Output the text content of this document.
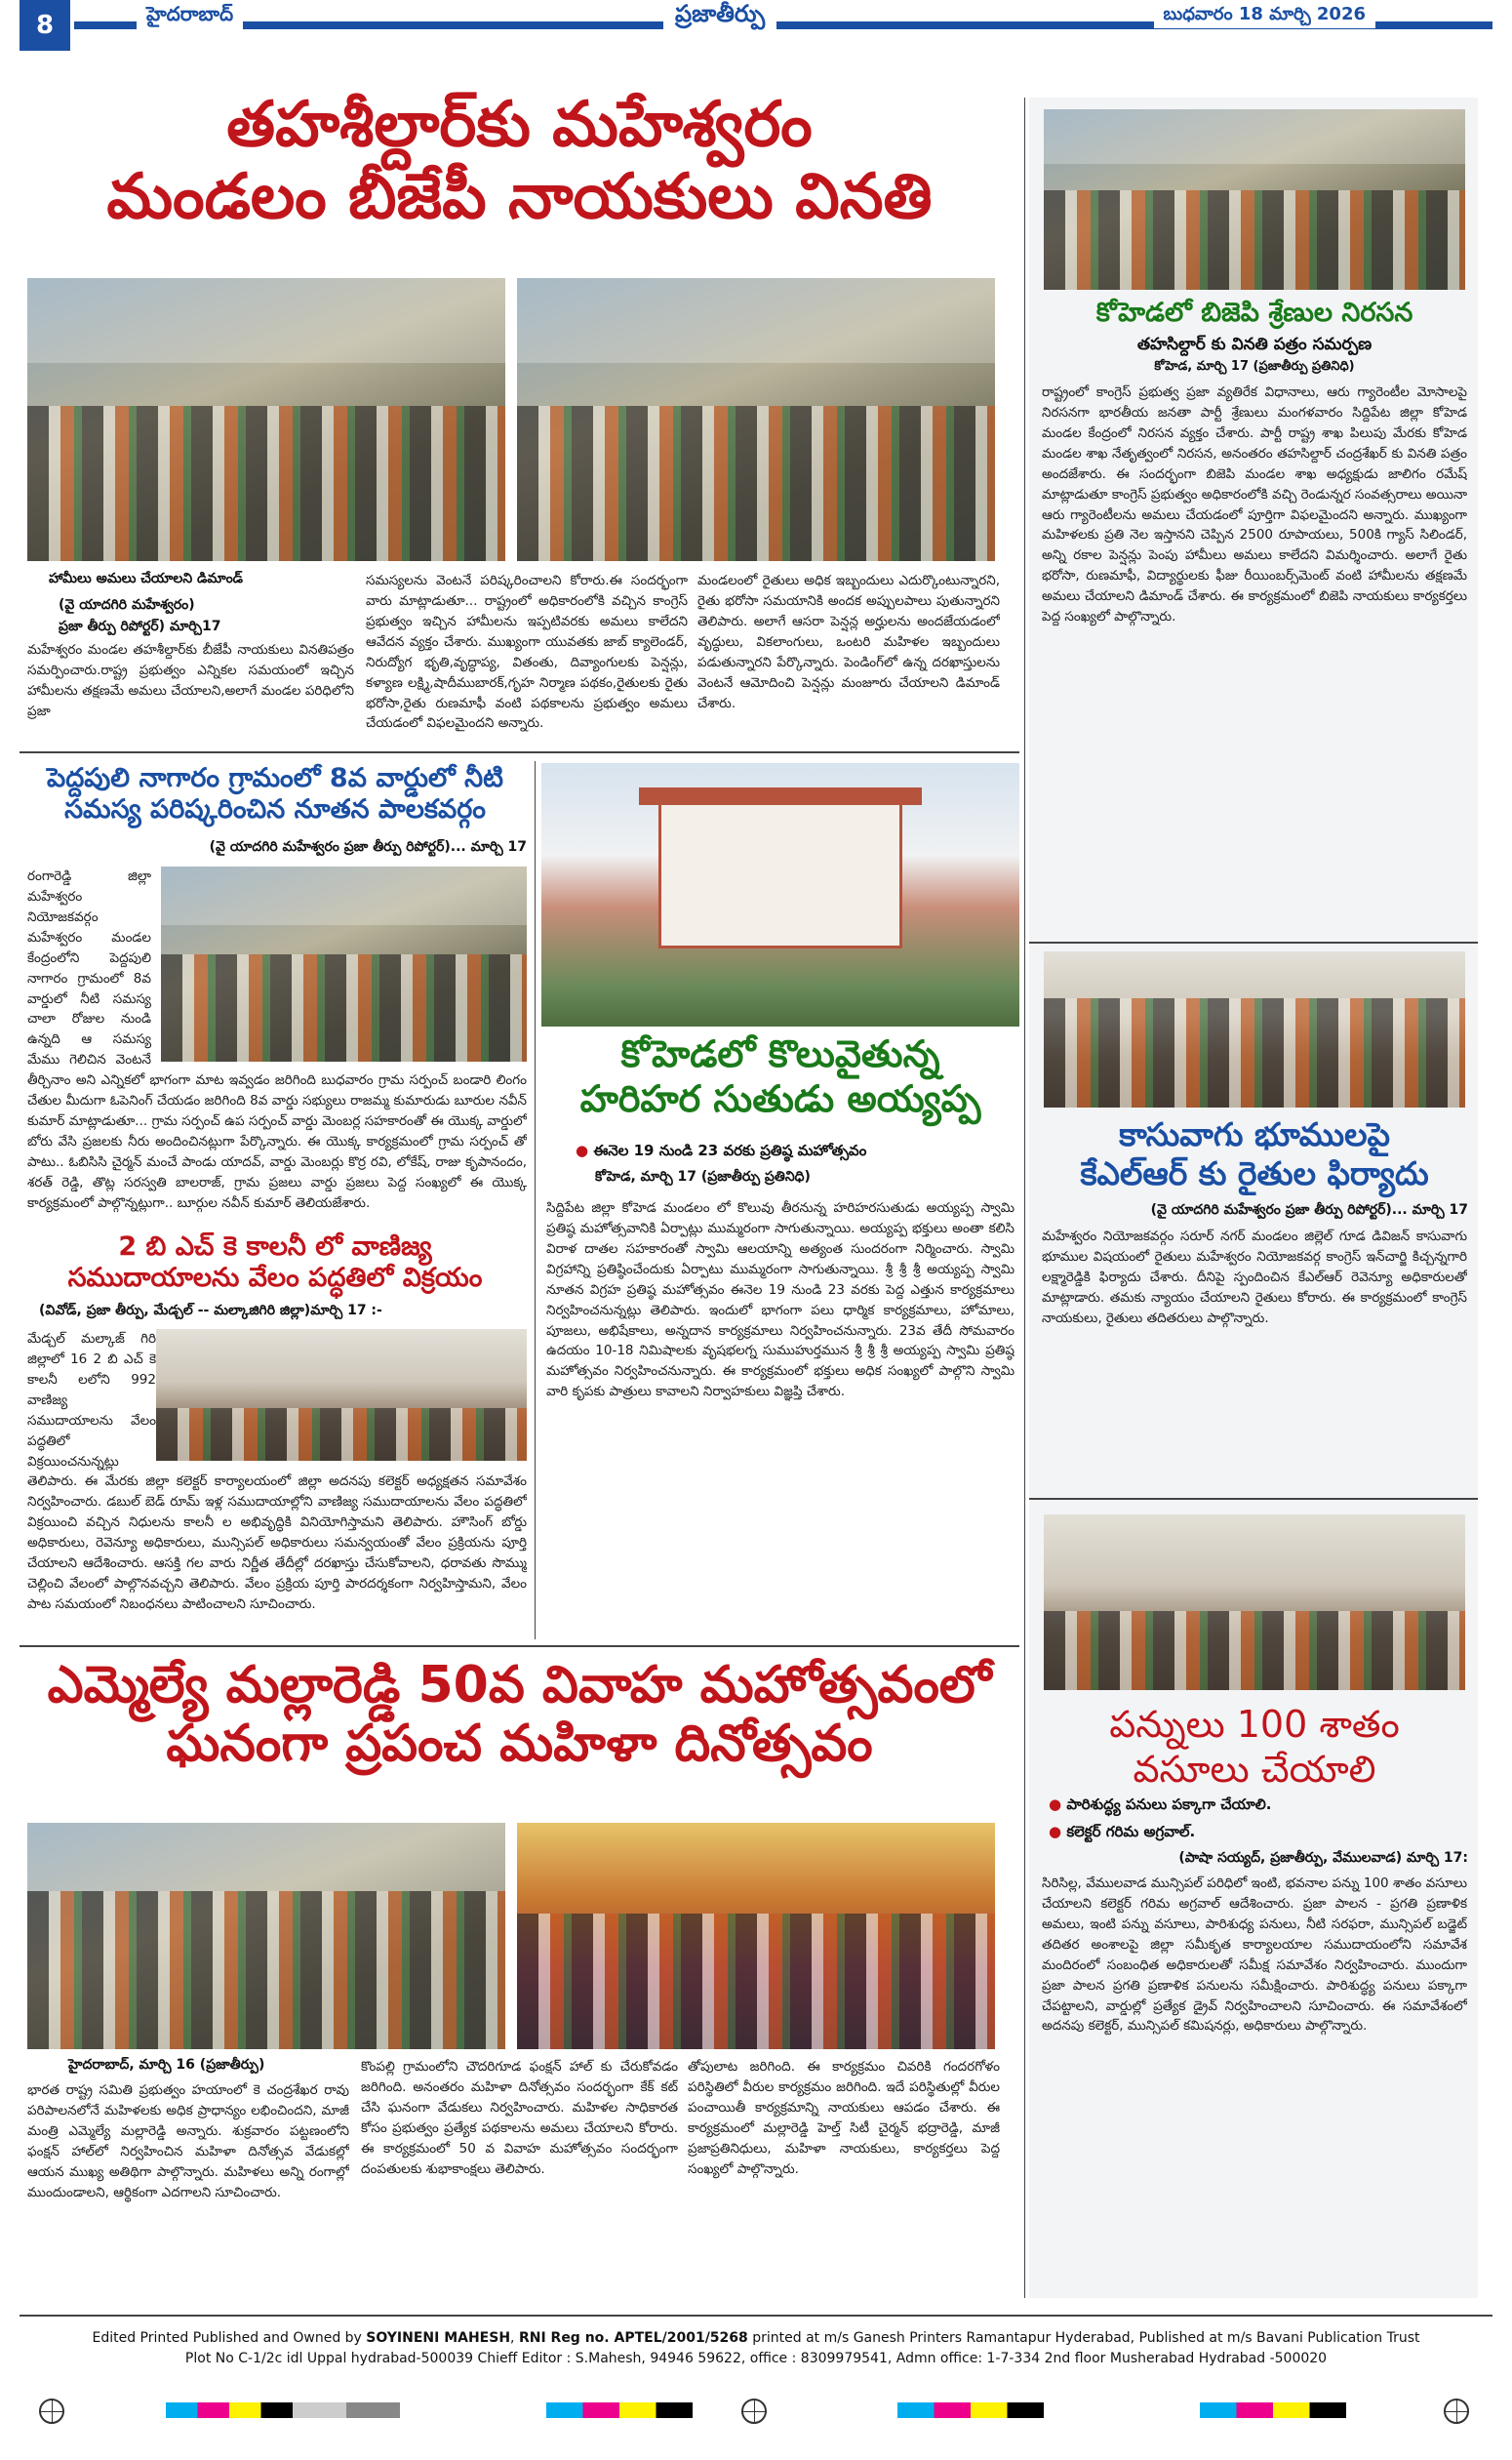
8	హైదరాబాద్	ప్రజాతీర్పు	బుధవారం 18 మార్చి 2026
తహశీల్దార్‌కు మహేశ్వరం
మండలం బీజేపీ నాయకులు వినతి
హామీలు అమలు చేయాలని డిమాండ్
(వై యాదగిరి మహేశ్వరం)
ప్రజా తీర్పు రిపోర్టర్) మార్చి17
మహేశ్వరం మండల తహశీల్దార్‌కు బీజేపీ నాయకులు వినతిపత్రం సమర్పించారు.రాష్ట్ర ప్రభుత్వం ఎన్నికల సమయంలో ఇచ్చిన హామీలను తక్షణమే అమలు చేయాలని,అలాగే మండల పరిధిలోని ప్రజా
సమస్యలను వెంటనే పరిష్కరించాలని కోరారు.ఈ సందర్భంగా వారు మాట్లాడుతూ... రాష్ట్రంలో అధికారంలోకి వచ్చిన కాంగ్రెస్ ప్రభుత్వం ఇచ్చిన హామీలను ఇప్పటివరకు అమలు కాలేదని ఆవేదన వ్యక్తం చేశారు. ముఖ్యంగా యువతకు జాబ్ క్యాలెండర్, నిరుద్యోగ భృతి,వృద్ధాప్య, వితంతు, దివ్యాంగులకు పెన్షన్లు, కళ్యాణ లక్ష్మి,షాదీముబారక్,గృహ నిర్మాణ పథకం,రైతులకు రైతు భరోసా,రైతు రుణమాఫీ వంటి పథకాలను ప్రభుత్వం అమలు చేయడంలో విఫలమైందని అన్నారు.
మండలంలో రైతులు అధిక ఇబ్బందులు ఎదుర్కొంటున్నారని, రైతు భరోసా సమయానికి అందక అప్పులపాలు పుతున్నారని తెలిపారు. అలాగే ఆసరా పెన్షన్ల అర్హులను అందజేయడంలో వృద్ధులు, వికలాంగులు, ఒంటరి మహిళల ఇబ్బందులు పడుతున్నారని పేర్కొన్నారు. పెండింగ్‌లో ఉన్న దరఖాస్తులను వెంటనే ఆమోదించి పెన్షన్లు మంజూరు చేయాలని డిమాండ్ చేశారు.
పెద్దపులి నాగారం గ్రామంలో 8వ వార్డులో నీటి
సమస్య పరిష్కరించిన నూతన పాలకవర్గం
(వై యాదగిరి మహేశ్వరం ప్రజా తీర్పు రిపోర్టర్)... మార్చి 17
రంగారెడ్డి జిల్లా మహేశ్వరం నియోజకవర్గం మహేశ్వరం మండల కేంద్రంలోని పెద్దపులి నాగారం గ్రామంలో 8వ వార్డులో నీటి సమస్య చాలా రోజుల నుండి ఉన్నది ఆ సమస్య మేము గెలిచిన వెంటనే తీర్చినాం అని ఎన్నికలో భాగంగా మాట ఇవ్వడం జరిగింది బుధవారం గ్రామ సర్పంచ్ బండారి లింగం చేతుల మీదుగా ఓపెనింగ్ చేయడం జరిగింది 8వ వార్డు సభ్యులు రాజమ్మ కుమారుడు బూరుల నవీన్ కుమార్ మాట్లాడుతూ... గ్రామ సర్పంచ్ ఉప సర్పంచ్ వార్డు మెంబర్ల సహకారంతో ఈ యొక్క వార్డులో బోరు వేసి ప్రజలకు నీరు అందించినట్లుగా పేర్కొన్నారు. ఈ యొక్క కార్యక్రమంలో గ్రామ సర్పంచ్ తో పాటు.. ఓబిసిసి చైర్మన్ మంచే పాండు యాదవ్, వార్డు మెంబర్లు కొర్ర రవి, లోకేష్, రాజు కృపానందం, శరత్ రెడ్డి, తొట్ల సరస్వతి బాలరాజ్, గ్రామ ప్రజలు వార్డు ప్రజలు పెద్ద సంఖ్యలో ఈ యొక్క కార్యక్రమంలో పాల్గొన్నట్లుగా.. బూర్గుల నవీన్ కుమార్ తెలియజేశారు.
2 బి ఎచ్ కె కాలనీ లో వాణిజ్య
సముదాయాలను వేలం పద్ధతిలో విక్రయం
(వివోడ్, ప్రజా తీర్పు, మేడ్చల్ -- మల్కాజిగిరి జిల్లా)మార్చి 17 :-
మేడ్చల్ మల్కాజ్ గిరి జిల్లాలో 16 2 బి ఎచ్ కె కాలనీ లలోని 992 వాణిజ్య సముదాయాలను వేలం పద్ధతిలో విక్రయించనున్నట్లు తెలిపారు. ఈ మేరకు జిల్లా కలెక్టర్ కార్యాలయంలో జిల్లా అదనపు కలెక్టర్ అధ్యక్షతన సమావేశం నిర్వహించారు. డబుల్ బెడ్ రూమ్ ఇళ్ల సముదాయాల్లోని వాణిజ్య సముదాయాలను వేలం పద్ధతిలో విక్రయించి వచ్చిన నిధులను కాలనీ ల అభివృద్ధికి వినియోగిస్తామని తెలిపారు. హౌసింగ్ బోర్డు అధికారులు, రెవెన్యూ అధికారులు, మున్సిపల్ అధికారులు సమన్వయంతో వేలం ప్రక్రియను పూర్తి చేయాలని ఆదేశించారు. ఆసక్తి గల వారు నిర్ణీత తేదీల్లో దరఖాస్తు చేసుకోవాలని, ధరావతు సొమ్ము చెల్లించి వేలంలో పాల్గొనవచ్చని తెలిపారు. వేలం ప్రక్రియ పూర్తి పారదర్శకంగా నిర్వహిస్తామని, వేలం పాట సమయంలో నిబంధనలు పాటించాలని సూచించారు.
కోహెడలో కొలువైతున్న
హరిహర సుతుడు అయ్యప్ప
● ఈనెల 19 నుండి 23 వరకు ప్రతిష్ఠ మహోత్సవం
కోహెడ, మార్చి 17 (ప్రజాతీర్పు ప్రతినిధి)
సిద్దిపేట జిల్లా కోహెడ మండలం లో కొలువు తీరనున్న హరిహరసుతుడు అయ్యప్ప స్వామి ప్రతిష్ఠ మహోత్సవానికి ఏర్పాట్లు ముమ్మరంగా సాగుతున్నాయి. అయ్యప్ప భక్తులు అంతా కలిసి విరాళ దాతల సహకారంతో స్వామి ఆలయాన్ని అత్యంత సుందరంగా నిర్మించారు. స్వామి విగ్రహాన్ని ప్రతిష్ఠించేందుకు ఏర్పాటు ముమ్మరంగా సాగుతున్నాయి. శ్రీ శ్రీ శ్రీ అయ్యప్ప స్వామి నూతన విగ్రహ ప్రతిష్ఠ మహోత్సవం ఈనెల 19 నుండి 23 వరకు పెద్ద ఎత్తున కార్యక్రమాలు నిర్వహించనున్నట్లు తెలిపారు. ఇందులో భాగంగా పలు ధార్మిక కార్యక్రమాలు, హోమాలు, పూజలు, అభిషేకాలు, అన్నదాన కార్యక్రమాలు నిర్వహించనున్నారు. 23వ తేదీ సోమవారం ఉదయం 10-18 నిమిషాలకు వృషభలగ్న సుముహుర్తమున శ్రీ శ్రీ శ్రీ అయ్యప్ప స్వామి ప్రతిష్ఠ మహోత్సవం నిర్వహించనున్నారు. ఈ కార్యక్రమంలో భక్తులు అధిక సంఖ్యలో పాల్గొని స్వామి వారి కృపకు పాత్రులు కావాలని నిర్వాహకులు విజ్ఞప్తి చేశారు.
ఎమ్మెల్యే మల్లారెడ్డి 50వ వివాహ మహోత్సవంలో
ఘనంగా ప్రపంచ మహిళా దినోత్సవం
హైదరాబాద్, మార్చి 16 (ప్రజాతీర్పు)
భారత రాష్ట్ర సమితి ప్రభుత్వం హయాంలో కె చంద్రశేఖర రావు పరిపాలనలోనే మహిళలకు అధిక ప్రాధాన్యం లభించిందని, మాజీ మంత్రి ఎమ్మెల్యే మల్లారెడ్డి అన్నారు. శుక్రవారం పట్టణంలోని ఫంక్షన్ హాల్‌లో నిర్వహించిన మహిళా దినోత్సవ వేడుకల్లో ఆయన ముఖ్య అతిథిగా పాల్గొన్నారు. మహిళలు అన్ని రంగాల్లో ముందుండాలని, ఆర్థికంగా ఎదగాలని సూచించారు.
కొంపల్లి గ్రామంలోని చౌదరిగూడ ఫంక్షన్ హాల్ కు చేరుకోవడం జరిగింది. అనంతరం మహిళా దినోత్సవం సందర్భంగా కేక్ కట్ చేసి ఘనంగా వేడుకలు నిర్వహించారు. మహిళల సాధికారత కోసం ప్రభుత్వం ప్రత్యేక పథకాలను అమలు చేయాలని కోరారు. ఈ కార్యక్రమంలో 50 వ వివాహ మహోత్సవం సందర్భంగా దంపతులకు శుభాకాంక్షలు తెలిపారు.
తోపులాట జరిగింది. ఈ కార్యక్రమం చివరికి గందరగోళం పరిస్థితిలో వీరుల కార్యక్రమం జరిగింది. ఇదే పరిస్థితుల్లో వీరుల పంచాయితీ కార్యక్రమాన్ని నాయకులు ఆపడం చేశారు. ఈ కార్యక్రమంలో మల్లారెడ్డి హెల్త్ సిటీ చైర్మన్ భద్రారెడ్డి, మాజీ ప్రజాప్రతినిధులు, మహిళా నాయకులు, కార్యకర్తలు పెద్ద సంఖ్యలో పాల్గొన్నారు.
కోహెడలో బిజెపి శ్రేణుల నిరసన
తహసిల్దార్ కు వినతి పత్రం సమర్పణ
కోహెడ, మార్చి 17 (ప్రజాతీర్పు ప్రతినిధి)
రాష్ట్రంలో కాంగ్రెస్ ప్రభుత్వ ప్రజా వ్యతిరేక విధానాలు, ఆరు గ్యారెంటీల మోసాలపై నిరసనగా భారతీయ జనతా పార్టీ శ్రేణులు మంగళవారం సిద్దిపేట జిల్లా కోహెడ మండల కేంద్రంలో నిరసన వ్యక్తం చేశారు. పార్టీ రాష్ట్ర శాఖ పిలుపు మేరకు కోహెడ మండల శాఖ నేతృత్వంలో నిరసన, అనంతరం తహసిల్దార్ చంద్రశేఖర్ కు వినతి పత్రం అందజేశారు. ఈ సందర్భంగా బిజెపి మండల శాఖ అధ్యక్షుడు జాలిగం రమేష్ మాట్లాడుతూ కాంగ్రెస్ ప్రభుత్వం అధికారంలోకి వచ్చి రెండున్నర సంవత్సరాలు అయినా ఆరు గ్యారెంటీలను అమలు చేయడంలో పూర్తిగా విఫలమైందని అన్నారు. ముఖ్యంగా మహిళలకు ప్రతి నెల ఇస్తానని చెప్పిన 2500 రూపాయలు, 500కి గ్యాస్ సిలిండర్, అన్ని రకాల పెన్షన్లు పెంపు హామీలు అమలు కాలేదని విమర్శించారు. అలాగే రైతు భరోసా, రుణమాఫీ, విద్యార్థులకు ఫీజు రీయింబర్స్‌మెంట్ వంటి హామీలను తక్షణమే అమలు చేయాలని డిమాండ్ చేశారు. ఈ కార్యక్రమంలో బిజెపి నాయకులు కార్యకర్తలు పెద్ద సంఖ్యలో పాల్గొన్నారు.
కాసువాగు భూములపై
కేఎల్ఆర్ కు రైతుల ఫిర్యాదు
(వై యాదగిరి మహేశ్వరం ప్రజా తీర్పు రిపోర్టర్)... మార్చి 17
మహేశ్వరం నియోజకవర్గం సరూర్ నగర్ మండలం జిల్లెల్ గూడ డివిజన్ కాసువాగు భూముల విషయంలో రైతులు మహేశ్వరం నియోజకవర్గ కాంగ్రెస్ ఇన్‌చార్జి కిచ్చన్నగారి లక్ష్మారెడ్డికి ఫిర్యాదు చేశారు. దీనిపై స్పందించిన కేఎల్ఆర్ రెవెన్యూ అధికారులతో మాట్లాడారు. తమకు న్యాయం చేయాలని రైతులు కోరారు. ఈ కార్యక్రమంలో కాంగ్రెస్ నాయకులు, రైతులు తదితరులు పాల్గొన్నారు.
పన్నులు 100 శాతం
వసూలు చేయాలి
● పారిశుద్ధ్య పనులు పక్కాగా చేయాలి.
● కలెక్టర్ గరిమ అగ్రవాల్.
(పాషా సయ్యద్, ప్రజాతీర్పు, వేములవాడ) మార్చి 17:
సిరిసిల్ల, వేములవాడ మున్సిపల్ పరిధిలో ఇంటి, భవనాల పన్ను 100 శాతం వసూలు చేయాలని కలెక్టర్ గరిమ అగ్రవాల్ ఆదేశించారు. ప్రజా పాలన - ప్రగతి ప్రణాళిక అమలు, ఇంటి పన్ను వసూలు, పారిశుధ్య పనులు, నీటి సరఫరా, మున్సిపల్ బడ్జెట్ తదితర అంశాలపై జిల్లా సమీకృత కార్యాలయాల సముదాయంలోని సమావేశ మందిరంలో సంబంధిత అధికారులతో సమీక్ష సమావేశం నిర్వహించారు. ముందుగా ప్రజా పాలన ప్రగతి ప్రణాళిక పనులను సమీక్షించారు. పారిశుద్ధ్య పనులు పక్కాగా చేపట్టాలని, వార్డుల్లో ప్రత్యేక డ్రైవ్ నిర్వహించాలని సూచించారు. ఈ సమావేశంలో అదనపు కలెక్టర్, మున్సిపల్ కమిషనర్లు, అధికారులు పాల్గొన్నారు.
Edited Printed Published and Owned by SOYINENI MAHESH, RNI Reg no. APTEL/2001/5268 printed at m/s Ganesh Printers Ramantapur Hyderabad, Published at m/s Bavani Publication Trust
Plot No C-1/2c idl Uppal hydrabad-500039 Chieff Editor : S.Mahesh, 94946 59622, office : 8309979541, Admn office: 1-7-334 2nd floor Musherabad Hydrabad -500020
